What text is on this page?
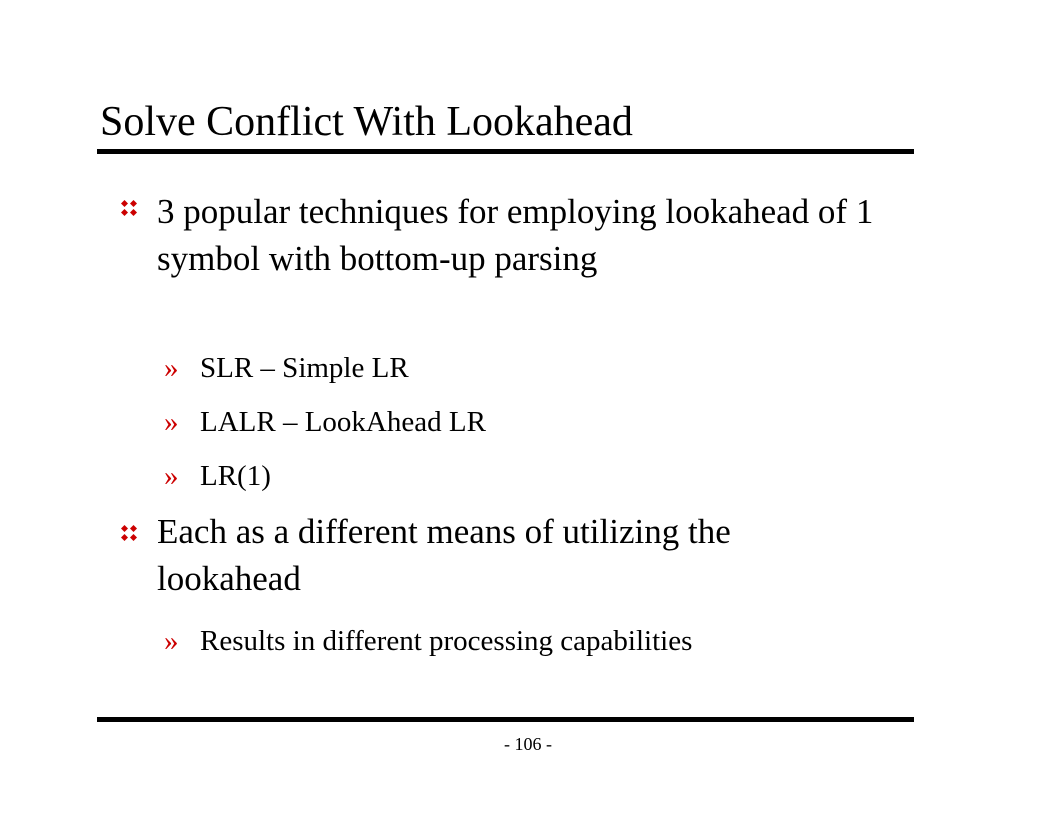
Solve Conflict With Lookahead
3 popular techniques for employing lookahead of 1 symbol with bottom-up parsing
» SLR – Simple LR
» LALR – LookAhead LR
» LR(1)
Each as a different means of utilizing the lookahead
» Results in different processing capabilities
- 106 -
